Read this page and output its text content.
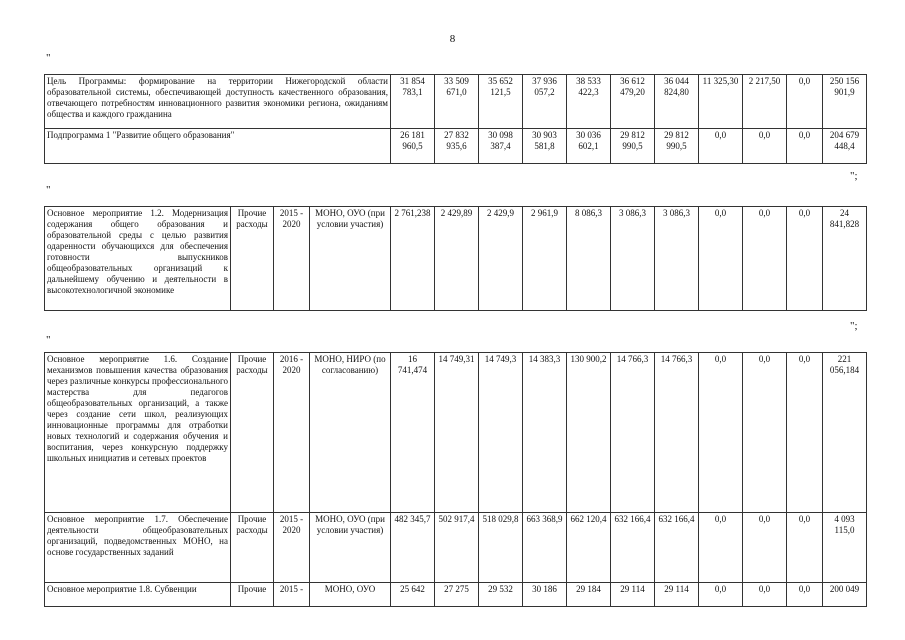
8
"
Цель Программы: формирование на территории Нижегородской области образовательной системы, обеспечивающей доступность качественного образования, отвечающего потребностям инновационного развития экономики региона, ожиданиям общества и каждого гражданина	31 854 783,1	33 509 671,0	35 652 121,5	37 936 057,2	38 533 422,3	36 612 479,20	36 044 824,80	11 325,30	2 217,50	0,0	250 156 901,9
Подпрограмма 1 "Развитие общего образования"	26 181 960,5	27 832 935,6	30 098 387,4	30 903 581,8	30 036 602,1	29 812 990,5	29 812 990,5	0,0	0,0	0,0	204 679 448,4
";
"
Основное мероприятие 1.2. Модернизация содержания общего образования и образовательной среды с целью развития одаренности обучающихся для обеспечения готовности выпускников общеобразовательных организаций к дальнейшему обучению и деятельности в высокотехнологичной экономике	Прочие расходы	2015 - 2020	МОНО, ОУО (при условии участия)	2 761,238	2 429,89	2 429,9	2 961,9	8 086,3	3 086,3	3 086,3	0,0	0,0	0,0	24 841,828
";
"
Основное мероприятие 1.6. Создание механизмов повышения качества образования через различные конкурсы профессионального мастерства для педагогов общеобразовательных организаций, а также через создание сети школ, реализующих инновационные программы для отработки новых технологий и содержания обучения и воспитания, через конкурсную поддержку школьных инициатив и сетевых проектов	Прочие расходы	2016 - 2020	МОНО, НИРО (по согласованию)	16 741,474	14 749,31	14 749,3	14 383,3	130 900,2	14 766,3	14 766,3	0,0	0,0	0,0	221 056,184
Основное мероприятие 1.7. Обеспечение деятельности общеобразовательных организаций, подведомственных МОНО, на основе государственных заданий	Прочие расходы	2015 - 2020	МОНО, ОУО (при условии участия)	482 345,7	502 917,4	518 029,8	663 368,9	662 120,4	632 166,4	632 166,4	0,0	0,0	0,0	4 093 115,0
Основное мероприятие 1.8. Субвенции	Прочие	2015 -	МОНО, ОУО	25 642	27 275	29 532	30 186	29 184	29 114	29 114	0,0	0,0	0,0	200 049
